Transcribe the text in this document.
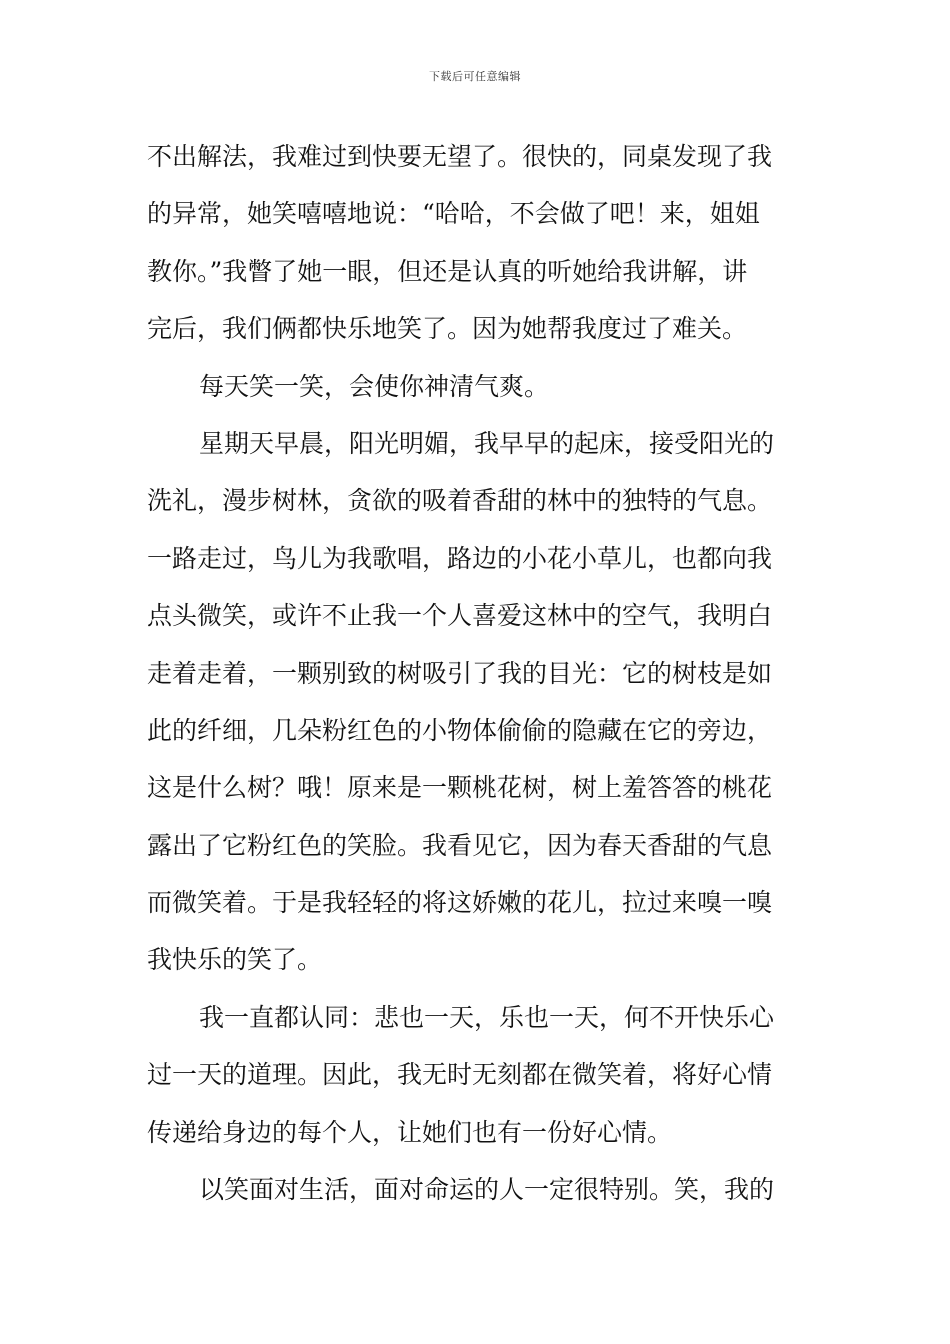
下载后可任意编辑
不出解法，我难过到快要无望了。很快的，同桌发现了我
的异常，她笑嘻嘻地说：“哈哈，不会做了吧！来，姐姐
教你。”我瞥了她一眼，但还是认真的听她给我讲解，讲
完后，我们俩都快乐地笑了。因为她帮我度过了难关。
每天笑一笑，会使你神清气爽。
星期天早晨，阳光明媚，我早早的起床，接受阳光的
洗礼，漫步树林，贪欲的吸着香甜的林中的独特的气息。
一路走过，鸟儿为我歌唱，路边的小花小草儿，也都向我
点头微笑，或许不止我一个人喜爱这林中的空气，我明白
走着走着，一颗别致的树吸引了我的目光：它的树枝是如
此的纤细，几朵粉红色的小物体偷偷的隐藏在它的旁边，
这是什么树？哦！原来是一颗桃花树，树上羞答答的桃花
露出了它粉红色的笑脸。我看见它，因为春天香甜的气息
而微笑着。于是我轻轻的将这娇嫩的花儿，拉过来嗅一嗅
我快乐的笑了。
我一直都认同：悲也一天，乐也一天，何不开快乐心
过一天的道理。因此，我无时无刻都在微笑着，将好心情
传递给身边的每个人，让她们也有一份好心情。
以笑面对生活，面对命运的人一定很特别。笑，我的
